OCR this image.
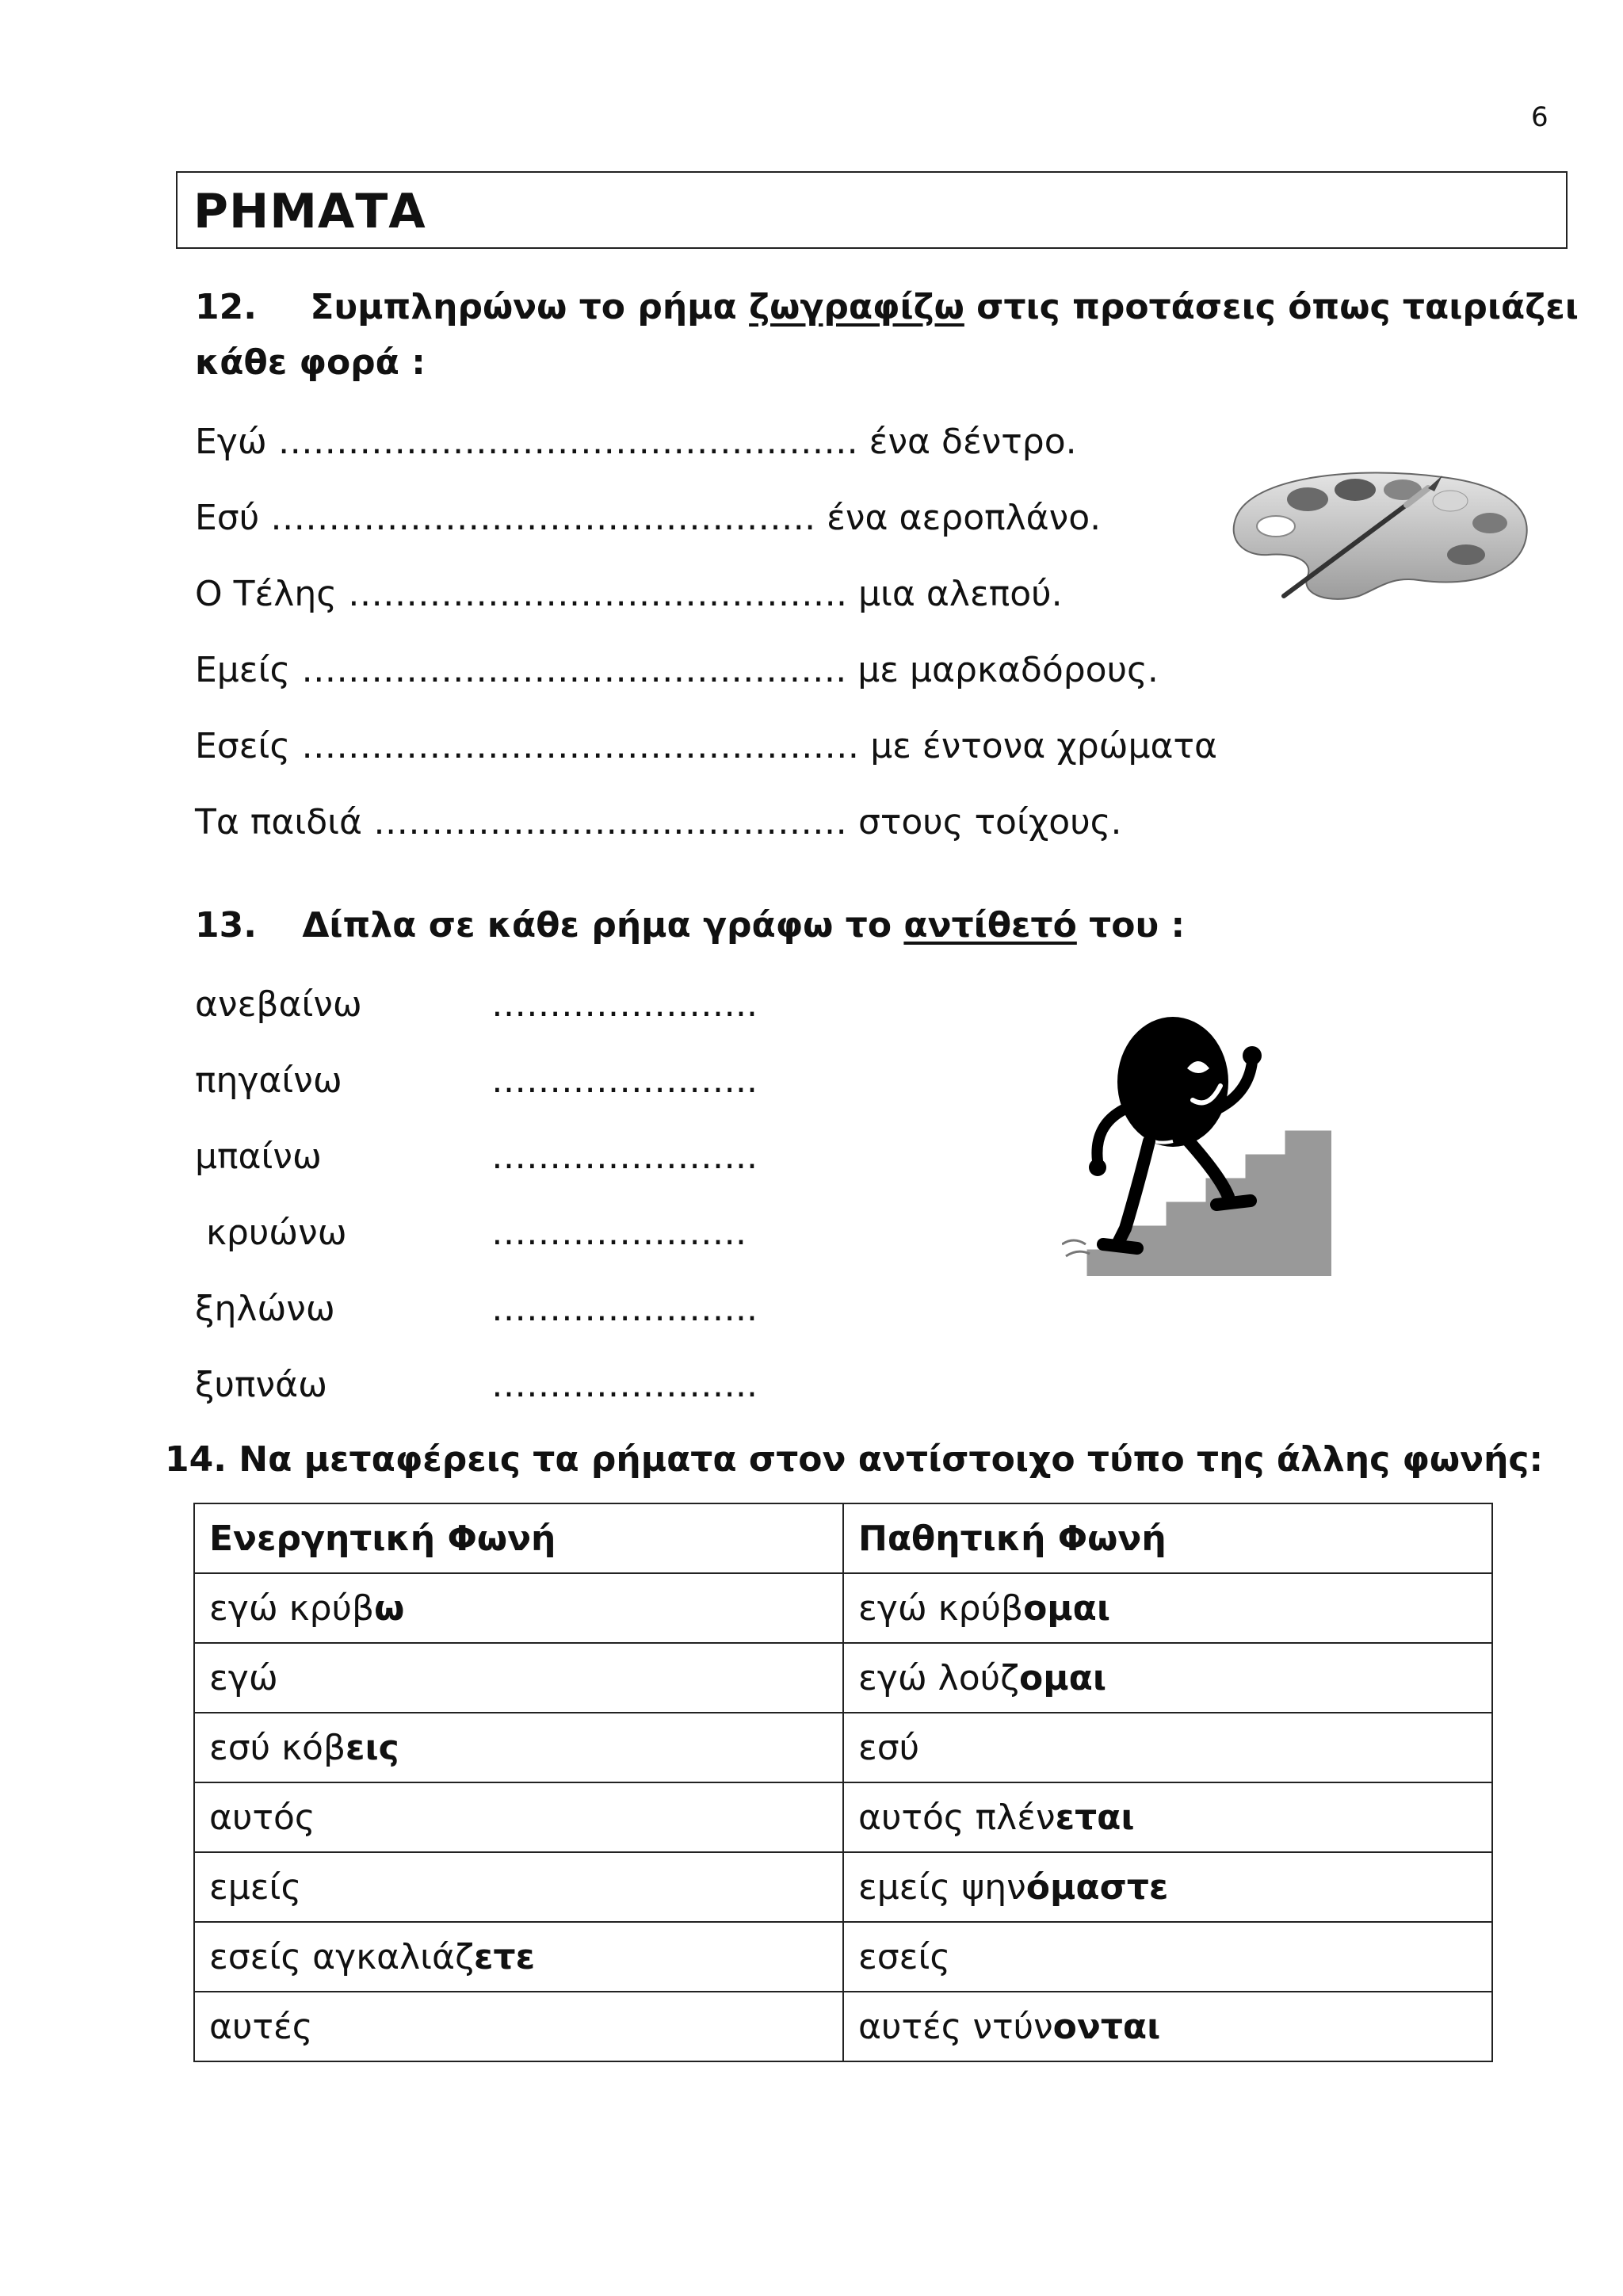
6
ΡΗΜΑΤΑ
12. Συμπληρώνω το ρήμα ζωγραφίζω στις προτάσεις όπως ταιριάζει
κάθε φορά :
Εγώ …………………………………….……. ένα δέντρο.
Εσύ ………………………………….……. ένα αεροπλάνο.
Ο Τέλης ……………………………………. μια αλεπού.
Εμείς ……………………………….………. με μαρκαδόρους.
Εσείς ………………………………………… με έντονα χρώματα
Τα παιδιά ………………….....…………… στους τοίχους.
13. Δίπλα σε κάθε ρήμα γράφω το αντίθετό του :
ανεβαίνω	…………………..
πηγαίνω	…………………..
μπαίνω	…………………..
κρυώνω	………………….
ξηλώνω	…………………..
ξυπνάω	…………………..
14. Να μεταφέρεις τα ρήματα στον αντίστοιχο τύπο της άλλης φωνής:
Ενεργητική Φωνή	Παθητική Φωνή
εγώ κρύβω	εγώ κρύβομαι
εγώ	εγώ λούζομαι
εσύ κόβεις	εσύ
αυτός	αυτός πλένεται
εμείς	εμείς ψηνόμαστε
εσείς αγκαλιάζετε	εσείς
αυτές	αυτές ντύνονται
